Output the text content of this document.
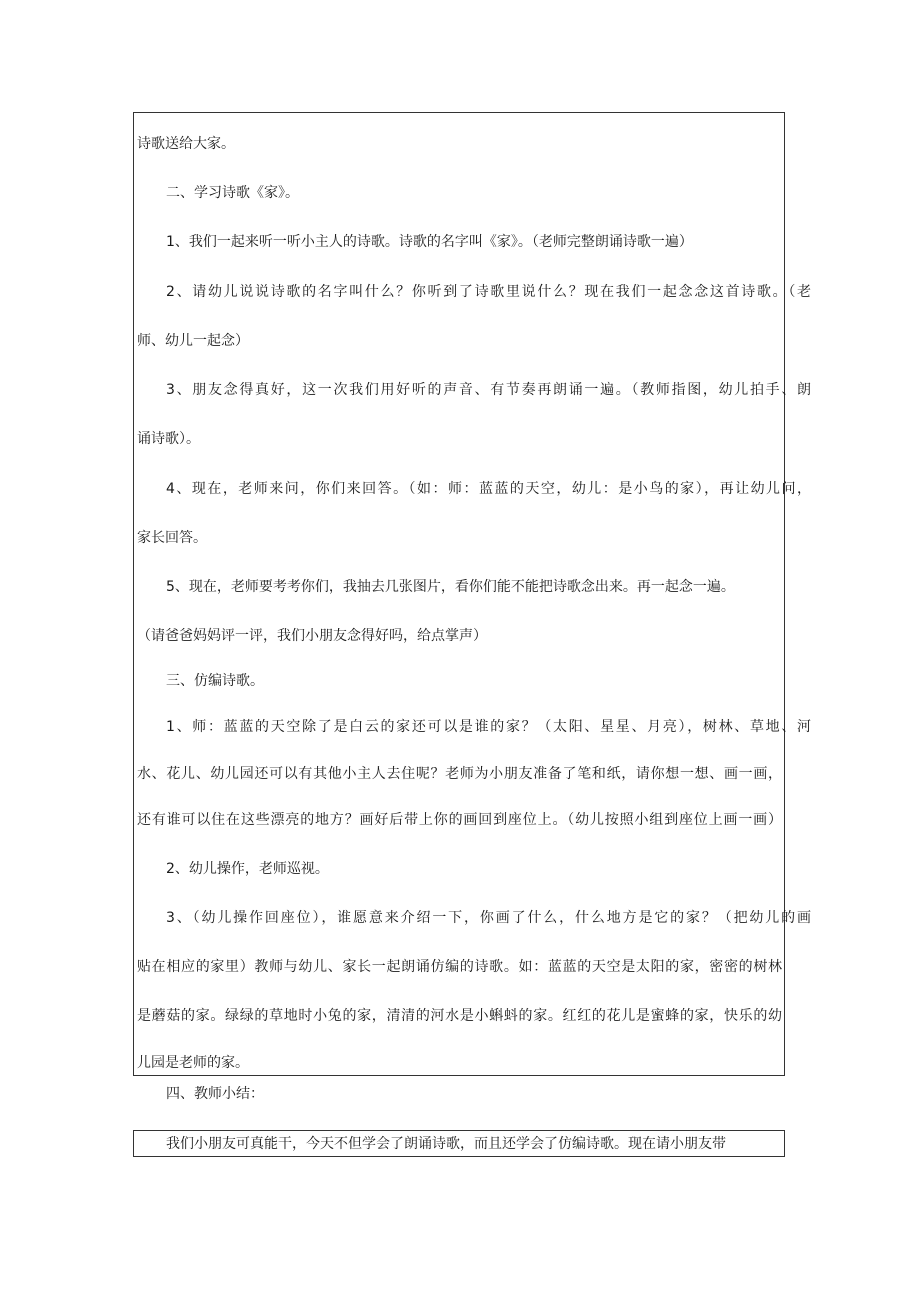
诗歌送给大家。
二、学习诗歌《家》。
1、我们一起来听一听小主人的诗歌。诗歌的名字叫《家》。（老师完整朗诵诗歌一遍）
2、请幼儿说说诗歌的名字叫什么？你听到了诗歌里说什么？现在我们一起念念这首诗歌。（老
师、幼儿一起念）
3、朋友念得真好，这一次我们用好听的声音、有节奏再朗诵一遍。（教师指图，幼儿拍手、朗
诵诗歌）。
4、现在，老师来问，你们来回答。（如：师：蓝蓝的天空，幼儿：是小鸟的家），再让幼儿问，
家长回答。
5、现在，老师要考考你们，我抽去几张图片，看你们能不能把诗歌念出来。再一起念一遍。
（请爸爸妈妈评一评，我们小朋友念得好吗，给点掌声）
三、仿编诗歌。
1、师：蓝蓝的天空除了是白云的家还可以是谁的家？（太阳、星星、月亮），树林、草地、河
水、花儿、幼儿园还可以有其他小主人去住呢？老师为小朋友准备了笔和纸，请你想一想、画一画，
还有谁可以住在这些漂亮的地方？画好后带上你的画回到座位上。（幼儿按照小组到座位上画一画）
2、幼儿操作，老师巡视。
3、（幼儿操作回座位），谁愿意来介绍一下，你画了什么，什么地方是它的家？（把幼儿的画
贴在相应的家里）教师与幼儿、家长一起朗诵仿编的诗歌。如：蓝蓝的天空是太阳的家，密密的树林
是蘑菇的家。绿绿的草地时小兔的家，清清的河水是小蝌蚪的家。红红的花儿是蜜蜂的家，快乐的幼
儿园是老师的家。
四、教师小结：
我们小朋友可真能干，今天不但学会了朗诵诗歌，而且还学会了仿编诗歌。现在请小朋友带
